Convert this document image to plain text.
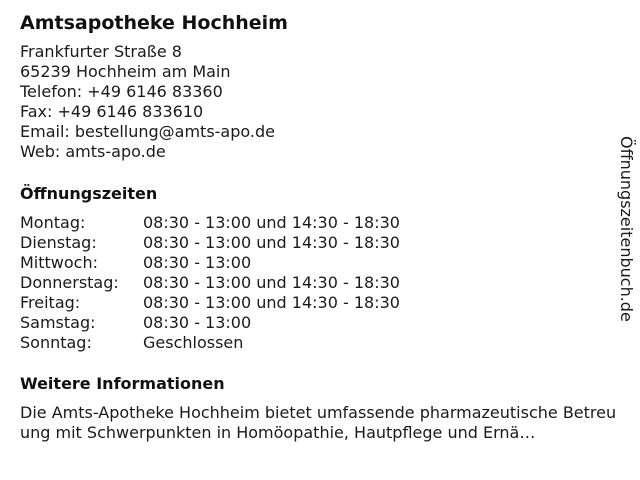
Amtsapotheke Hochheim
Frankfurter Straße 8
65239 Hochheim am Main
Telefon: +49 6146 83360
Fax: +49 6146 833610
Email: bestellung@amts-apo.de
Web: amts-apo.de
Öffnungszeiten
Montag:	08:30 - 13:00 und 14:30 - 18:30
Dienstag:	08:30 - 13:00 und 14:30 - 18:30
Mittwoch:	08:30 - 13:00
Donnerstag:	08:30 - 13:00 und 14:30 - 18:30
Freitag:	08:30 - 13:00 und 14:30 - 18:30
Samstag:	08:30 - 13:00
Sonntag:	Geschlossen
Weitere Informationen
Die Amts-Apotheke Hochheim bietet umfassende pharmazeutische Betreuung mit Schwerpunkten in Homöopathie, Hautpflege und Ernä…
Öffnungszeitenbuch.de
